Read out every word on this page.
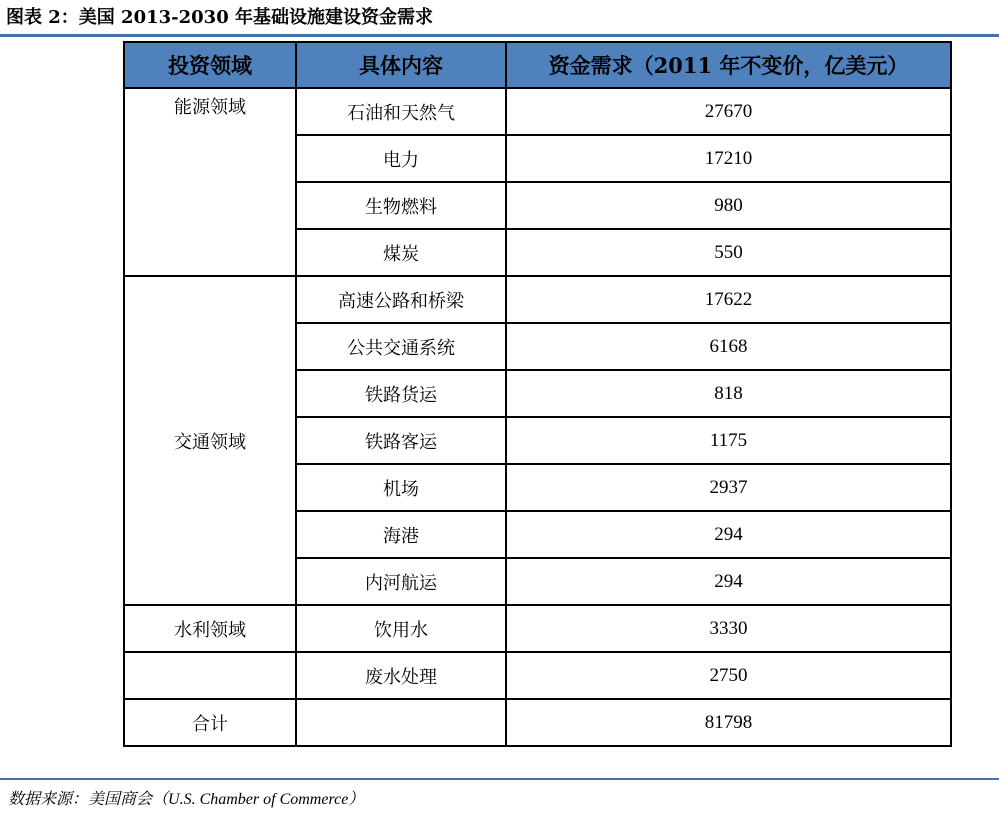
图表 2：美国 2013-2030 年基础设施建设资金需求
投资领域	具体内容	资金需求（2011 年不变价，亿美元）
能源领域	石油和天然气	27670
	电力	17210
	生物燃料	980
	煤炭	550
交通领域	高速公路和桥梁	17622
	公共交通系统	6168
	铁路货运	818
	铁路客运	1175
	机场	2937
	海港	294
	内河航运	294
水利领域	饮用水	3330
	废水处理	2750
合计		81798
数据来源：美国商会（U.S. Chamber of Commerce）
